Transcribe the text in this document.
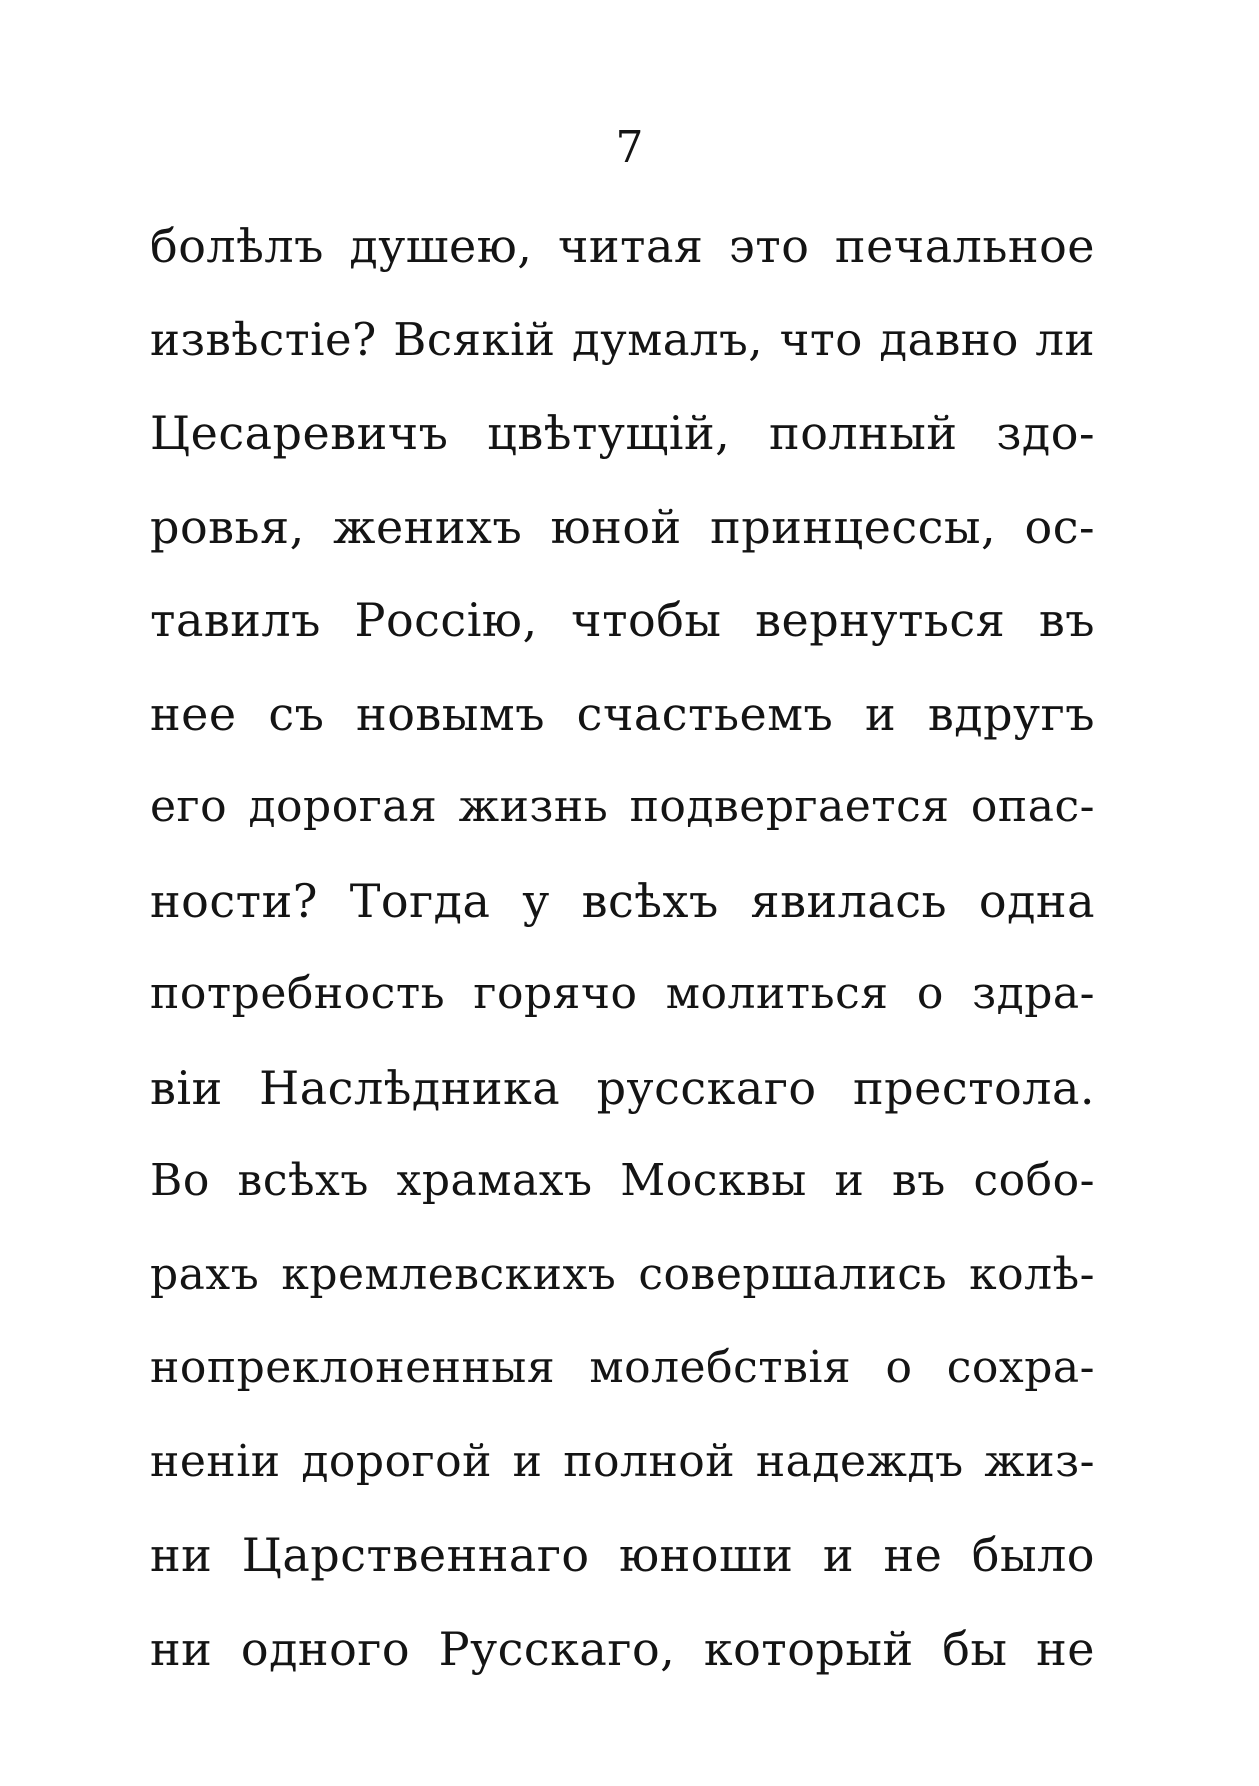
7
болѣлъ душею, читая это печальное
извѣстіе? Всякій думалъ, что давно ли
Цесаревичъ цвѣтущій, полный здо-
ровья, женихъ юной принцессы, ос-
тавилъ Россію, чтобы вернуться въ
нее съ новымъ счастьемъ и вдругъ
его дорогая жизнь подвергается опас-
ности? Тогда у всѣхъ явилась одна
потребность горячо молиться о здра-
віи Наслѣдника русскаго престола.
Во всѣхъ храмахъ Москвы и въ собо-
рахъ кремлевскихъ совершались колѣ-
нопреклоненныя молебствія о сохра-
неніи дорогой и полной надеждъ жиз-
ни Царственнаго юноши и не было
ни одного Русскаго, который бы не
